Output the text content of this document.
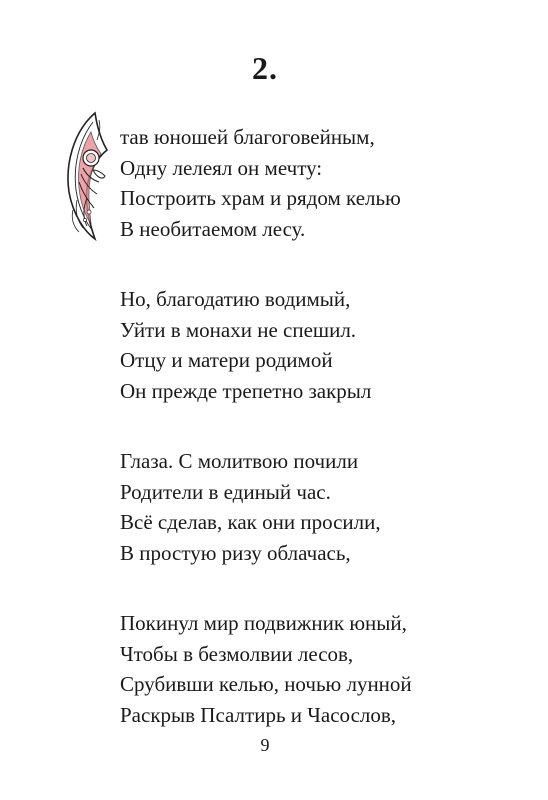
2.
тав юношей благоговейным,
Одну лелеял он мечту:
Построить храм и рядом келью
В необитаемом лесу.
Но, благодатию водимый,
Уйти в монахи не спешил.
Отцу и матери родимой
Он прежде трепетно закрыл
Глаза. С молитвою почили
Родители в единый час.
Всё сделав, как они просили,
В простую ризу облачась,
Покинул мир подвижник юный,
Чтобы в безмолвии лесов,
Срубивши келью, ночью лунной
Раскрыв Псалтирь и Часослов,
9
